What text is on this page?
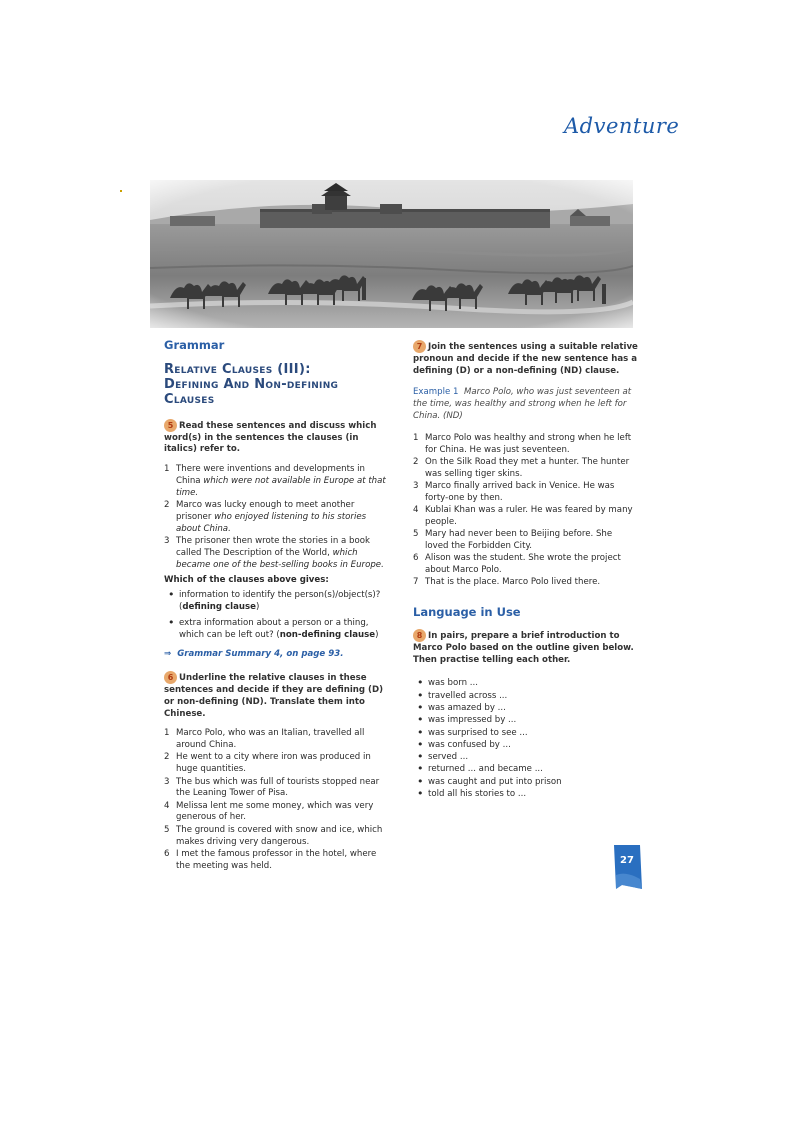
Adventure
Grammar
Relative Clauses (III):
Defining And Non-defining Clauses
5 Read these sentences and discuss which word(s) in the sentences the clauses (in italics) refer to.
1 There were inventions and developments in China which were not available in Europe at that time.
2 Marco was lucky enough to meet another prisoner who enjoyed listening to his stories about China.
3 The prisoner then wrote the stories in a book called The Description of the World, which became one of the best-selling books in Europe.
Which of the clauses above gives:
• information to identify the person(s)/object(s)? (defining clause)
• extra information about a person or a thing, which can be left out? (non-defining clause)
⇒ Grammar Summary 4, on page 93.
6 Underline the relative clauses in these sentences and decide if they are defining (D) or non-defining (ND). Translate them into Chinese.
1 Marco Polo, who was an Italian, travelled all around China.
2 He went to a city where iron was produced in huge quantities.
3 The bus which was full of tourists stopped near the Leaning Tower of Pisa.
4 Melissa lent me some money, which was very generous of her.
5 The ground is covered with snow and ice, which makes driving very dangerous.
6 I met the famous professor in the hotel, where the meeting was held.
7 Join the sentences using a suitable relative pronoun and decide if the new sentence has a defining (D) or a non-defining (ND) clause.
Example 1 Marco Polo, who was just seventeen at the time, was healthy and strong when he left for China. (ND)
1 Marco Polo was healthy and strong when he left for China. He was just seventeen.
2 On the Silk Road they met a hunter. The hunter was selling tiger skins.
3 Marco finally arrived back in Venice. He was forty-one by then.
4 Kublai Khan was a ruler. He was feared by many people.
5 Mary had never been to Beijing before. She loved the Forbidden City.
6 Alison was the student. She wrote the project about Marco Polo.
7 That is the place. Marco Polo lived there.
Language in Use
8 In pairs, prepare a brief introduction to Marco Polo based on the outline given below. Then practise telling each other.
• was born ...
• travelled across ...
• was amazed by ...
• was impressed by ...
• was surprised to see ...
• was confused by ...
• served ...
• returned ... and became ...
• was caught and put into prison
• told all his stories to ...
27
